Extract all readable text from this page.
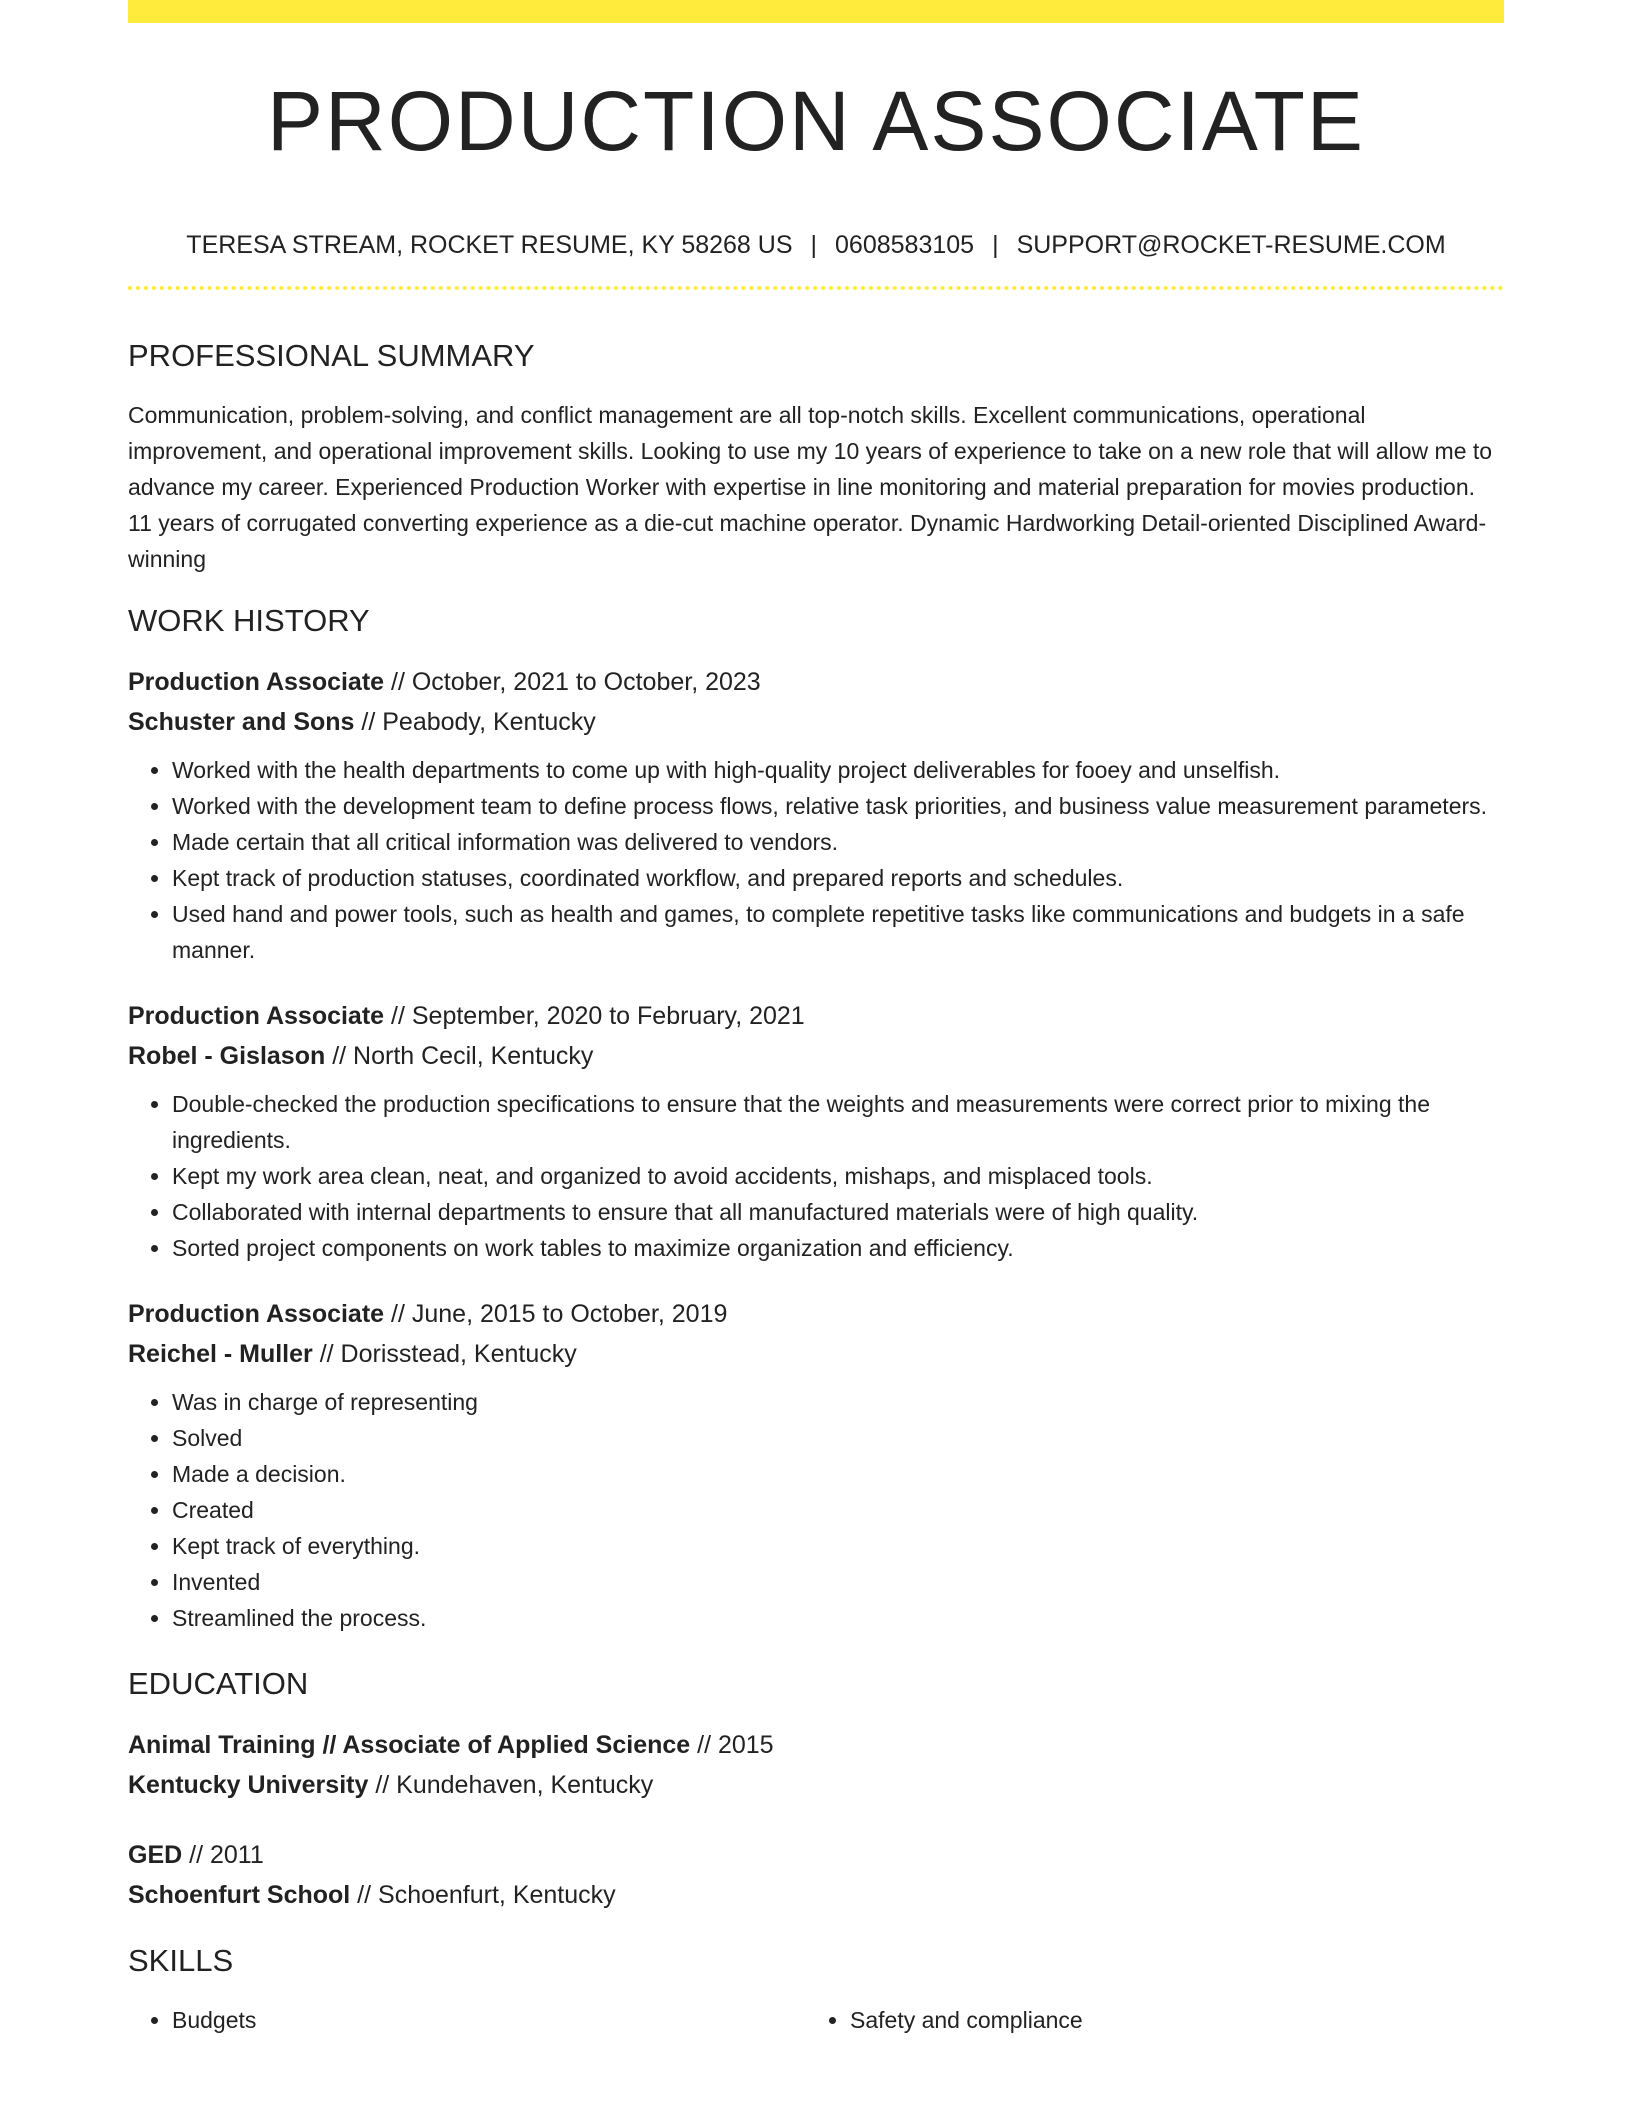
PRODUCTION ASSOCIATE
TERESA STREAM, ROCKET RESUME, KY 58268 US | 0608583105 | SUPPORT@ROCKET-RESUME.COM
PROFESSIONAL SUMMARY

Communication, problem-solving, and conflict management are all top-notch skills. Excellent communications, operational improvement, and operational improvement skills. Looking to use my 10 years of experience to take on a new role that will allow me to advance my career. Experienced Production Worker with expertise in line monitoring and material preparation for movies production. 11 years of corrugated converting experience as a die-cut machine operator. Dynamic Hardworking Detail-oriented Disciplined Award-winning

WORK HISTORY
Production Associate // October, 2021 to October, 2023
Schuster and Sons // Peabody, Kentucky
• Worked with the health departments to come up with high-quality project deliverables for fooey and unselfish.
• Worked with the development team to define process flows, relative task priorities, and business value measurement parameters.
• Made certain that all critical information was delivered to vendors.
• Kept track of production statuses, coordinated workflow, and prepared reports and schedules.
• Used hand and power tools, such as health and games, to complete repetitive tasks like communications and budgets in a safe manner.
Production Associate // September, 2020 to February, 2021
Robel - Gislason // North Cecil, Kentucky
• Double-checked the production specifications to ensure that the weights and measurements were correct prior to mixing the ingredients.
• Kept my work area clean, neat, and organized to avoid accidents, mishaps, and misplaced tools.
• Collaborated with internal departments to ensure that all manufactured materials were of high quality.
• Sorted project components on work tables to maximize organization and efficiency.
Production Associate // June, 2015 to October, 2019
Reichel - Muller // Dorisstead, Kentucky
• Was in charge of representing
• Solved
• Made a decision.
• Created
• Kept track of everything.
• Invented
• Streamlined the process.
EDUCATION
Animal Training // Associate of Applied Science // 2015
Kentucky University // Kundehaven, Kentucky
GED // 2011
Schoenfurt School // Schoenfurt, Kentucky
SKILLS
• Budgets
•	Safety and compliance
